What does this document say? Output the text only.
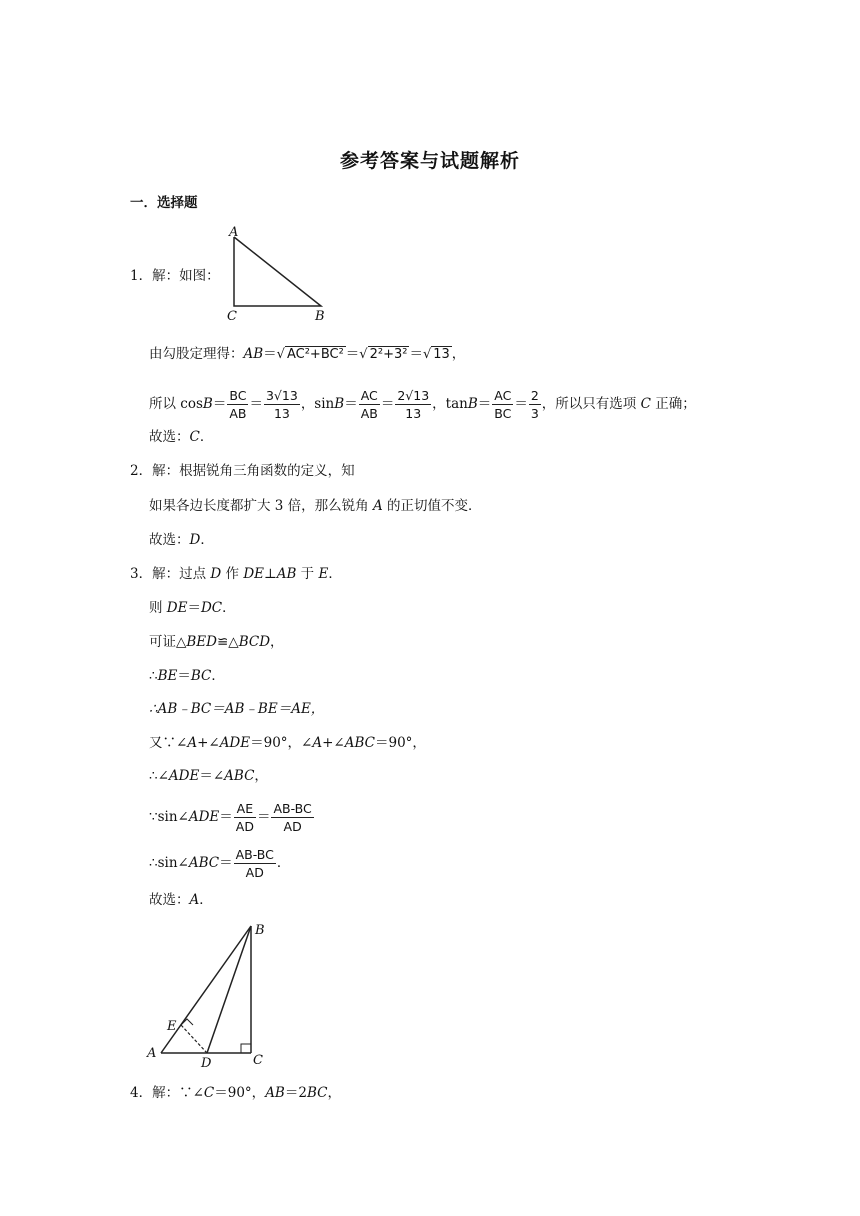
参考答案与试题解析
一．选择题
1．解：如图：
A
C	B
由勾股定理得：AB＝√ AC²+BC² ＝√ 2²+3² ＝√ 13 ，
所以 $\cos B= \frac{BC}{AB} = \frac{3√13}{13}$ ，$\sin B= \frac{AC}{AB} = \frac{2√13}{13}$ ，$\tan B= \frac{AC}{BC} = \frac{2}{3}$ ，所以只有选项 C 正确；
故选：C．
2．解：根据锐角三角函数的定义，知
如果各边长度都扩大 3 倍，那么锐角 A 的正切值不变．
故选：D．
3．解：过点 D 作 DE⊥AB 于 E．
则 DE＝DC．
可证△BED≌△BCD，
∴BE＝BC．
∴AB﹣BC＝AB﹣BE＝AE，
又∵∠A+∠ADE＝90°，∠A+∠ABC＝90°，
∴∠ADE＝∠ABC，
∵sin∠ADE＝ $\frac{AE}{AD} = \frac{AB-BC}{AD}$
∴sin∠ABC＝ $\frac{AB-BC}{AD}$ ．
故选：A．
A
B
C
D
E
4．解：∵∠C＝90°，AB＝2BC，
